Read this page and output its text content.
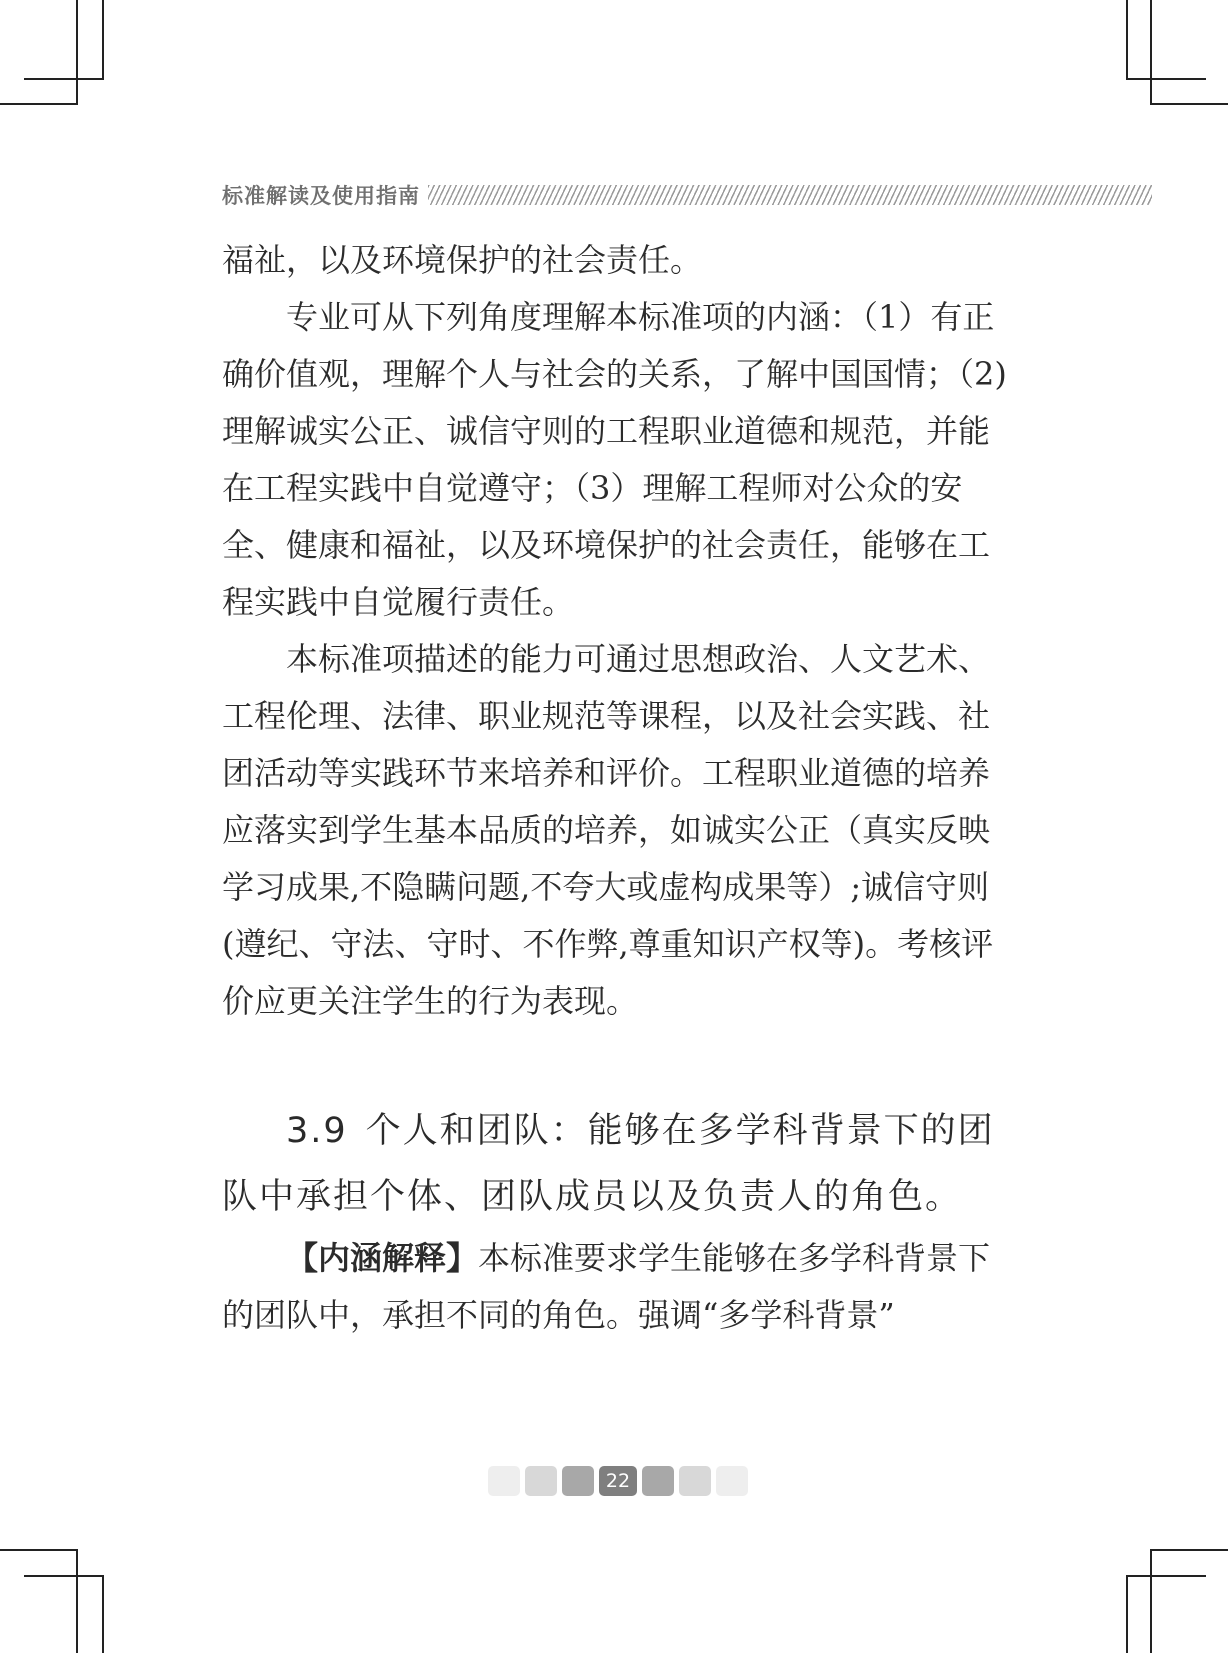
标准解读及使用指南

福祉，以及环境保护的社会责任。

专业可从下列角度理解本标准项的内涵：（1）有正确价值观，理解个人与社会的关系，了解中国国情；（2)理解诚实公正、诚信守则的工程职业道德和规范，并能在工程实践中自觉遵守；（3）理解工程师对公众的安全、健康和福祉，以及环境保护的社会责任，能够在工程实践中自觉履行责任。

本标准项描述的能力可通过思想政治、人文艺术、工程伦理、法律、职业规范等课程，以及社会实践、社团活动等实践环节来培养和评价。工程职业道德的培养应落实到学生基本品质的培养，如诚实公正（真实反映学习成果,不隐瞒问题,不夸大或虚构成果等）;诚信守则(遵纪、守法、守时、不作弊,尊重知识产权等)。考核评价应更关注学生的行为表现。

3.9 个人和团队：能够在多学科背景下的团队中承担个体、团队成员以及负责人的角色。

【内涵解释】本标准要求学生能够在多学科背景下的团队中，承担不同的角色。强调“多学科背景”

22
